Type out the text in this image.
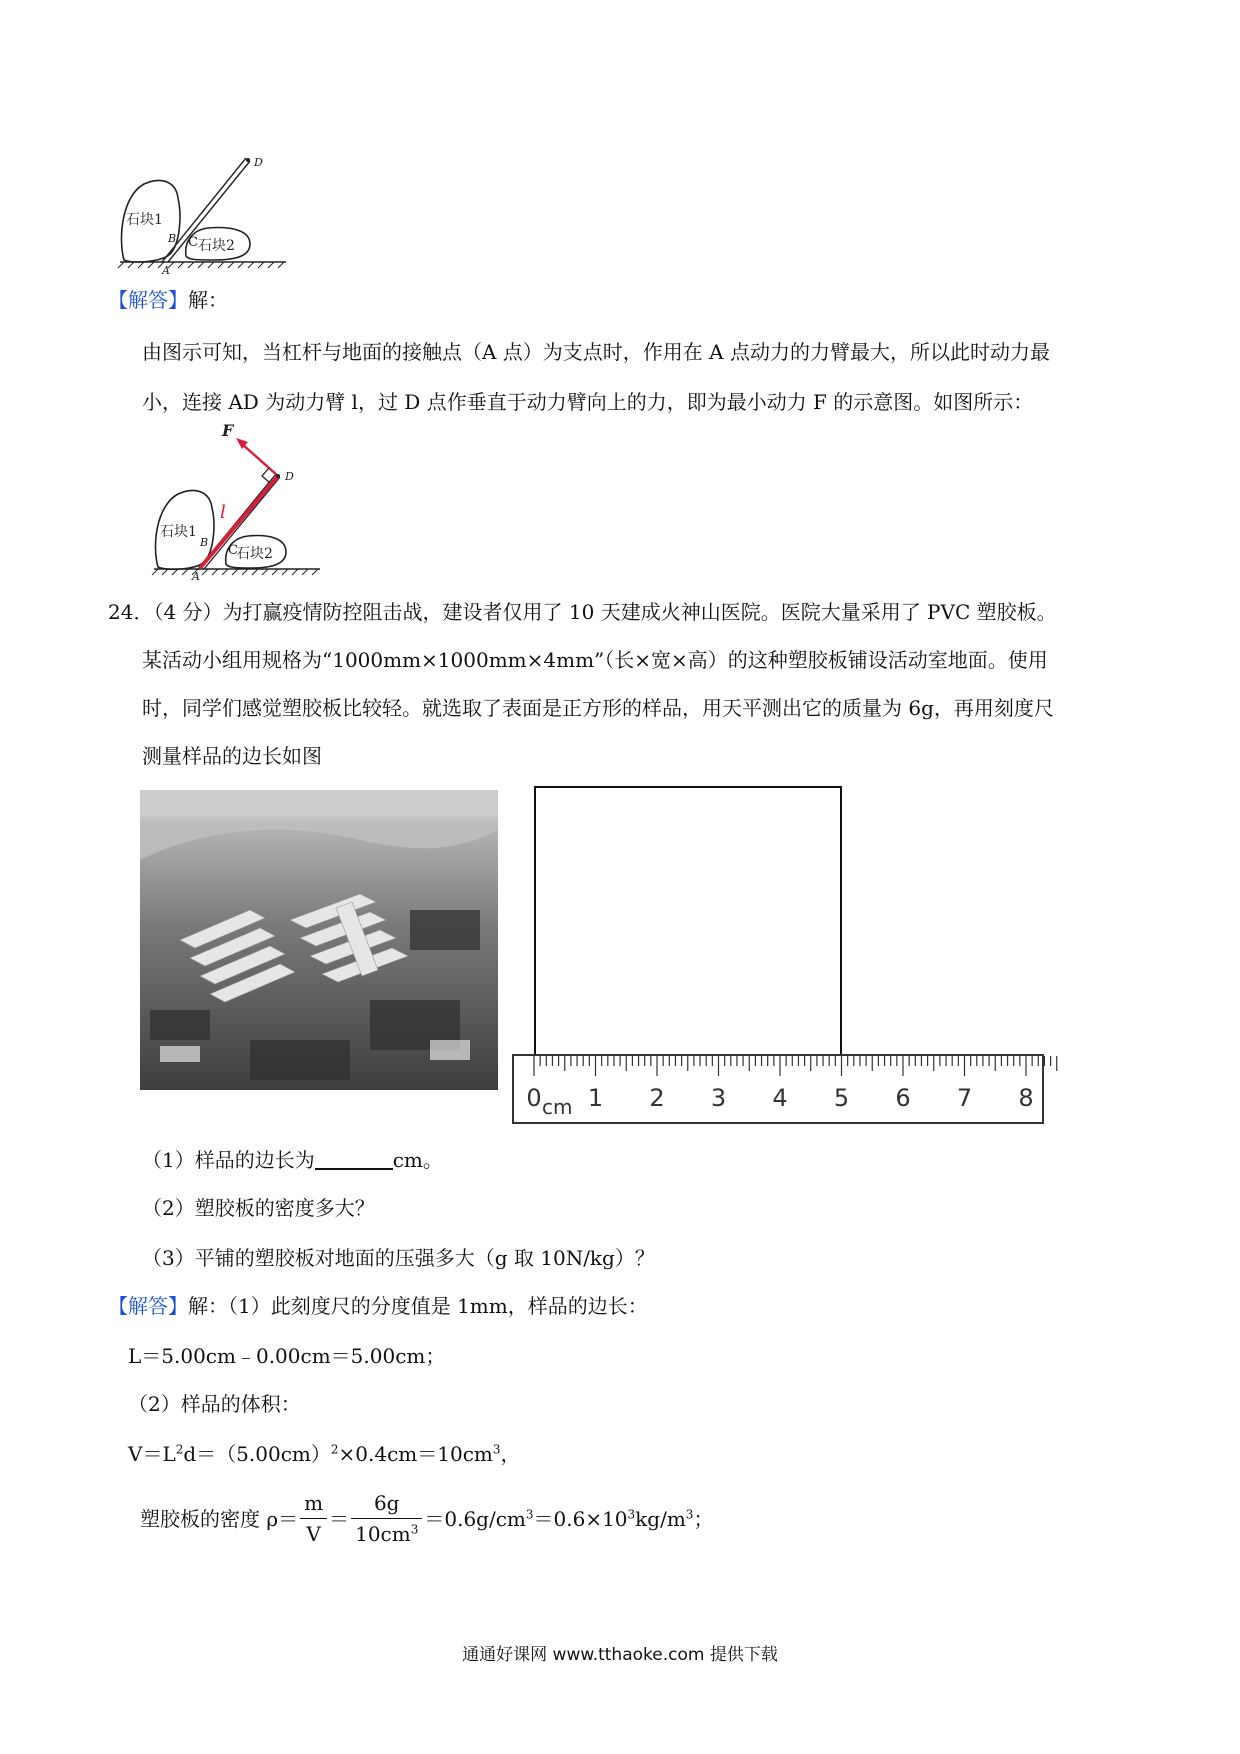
石块1
石块2
A
B C
D
【解答】解：
由图示可知，当杠杆与地面的接触点（A 点）为支点时，作用在 A 点动力的力臂最大，所以此时动力最
小，连接 AD 为动力臂 l，过 D 点作垂直于动力臂向上的力，即为最小动力 F 的示意图。如图所示：
F
l
石块1
石块2
A
B
C
D
24．（4 分）为打赢疫情防控阻击战，建设者仅用了 10 天建成火神山医院。医院大量采用了 PVC 塑胶板。
某活动小组用规格为“1000mm×1000mm×4mm”（长×宽×高）的这种塑胶板铺设活动室地面。使用
时，同学们感觉塑胶板比较轻。就选取了表面是正方形的样品，用天平测出它的质量为 6g，再用刻度尺
测量样品的边长如图
0 1 2 3 4 5 6 7 8
cm
（1）样品的边长为	cm。
（2）塑胶板的密度多大？
（3）平铺的塑胶板对地面的压强多大（g 取 10N/kg）？
【解答】解：（1）此刻度尺的分度值是 1mm，样品的边长：
L＝5.00cm﹣0.00cm＝5.00cm；
（2）样品的体积：
$V=L^2d=(5.00cm)^2\times 0.4cm=10cm^3$，
塑胶板的密度 $\rho= \frac{m}{V} = \frac{6g}{10cm^3} =0.6g/cm^3=0.6\times 10^3kg/m^3$；
通通好课网 www.tthaoke.com 提供下载
